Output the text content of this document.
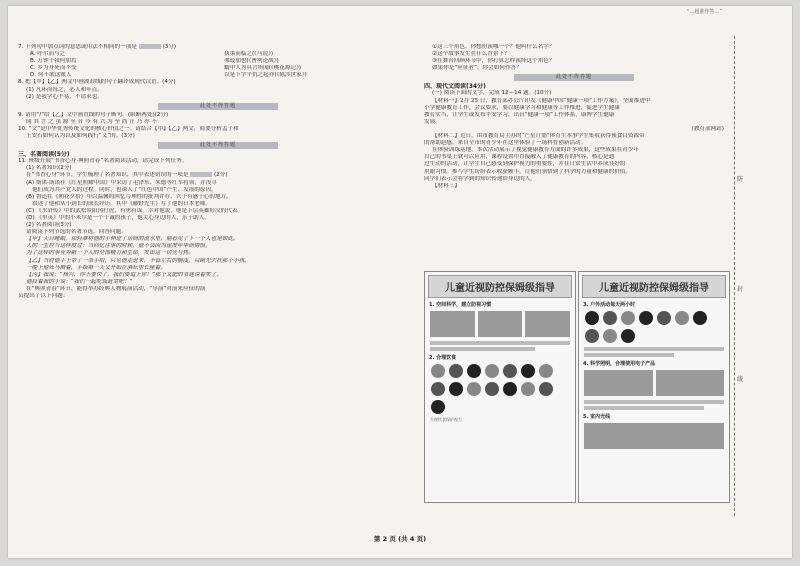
“…超准作答…”
7. 下列句中加点词的意思或用法不相同的一项是	(3分)
A. 呼尔而与之	执策而临之(《马说》)
B. 万钟于我何加焉	弗敁加也(《曹刿论战》)
C. 乡为身死而不受	蠕中人为具言所闻(《桃花源记》)
D. 何不欲这溛人	以是下字平仇之起亦(《陈涉世家》)
8. 把【甲】【乙】两文中画波浪线的句子翻译成现代汉语。(4分)
(1) 凡环而每之，必人和年点。
(2) 是我学心不易，不请求也。
此处不得答题
9. 请用“/”给【乙】文中画直线的句子断句。(限断两处)(2分)
闻 其 言 之 虽 源 至 昔 今 有 兴 为 至 尚 止 乃 亦 不
10. “文”是中华优秀传统文化的核心价值之一。请结合【甲】【乙】两文，简要分析孟子和
王安石如何认为以及如何践行“义”的。(3分)
此处不得答题
三、名著阅读(5分)
11. 班级开展“书香心身·典照青春”名著阅读活动，请完成下列任务。
(1) 名著知识(2分)
在“书香心身”环节，学生梳理了名著知识，其中表述错误的一项是	(2分)
(A) 斯诺·斯诺在《红星照耀中国》中采访了毛泽东、朱德等红军将领，并浅寻
他们成为共产党人的过程。同时，也深入了“红色中国”产生、发展的原因。
(B) 鲁迅在《朝花夕拾》中以温馨的回忆与理性的批判并存，兴于有感于心的地方，
叙述了他和从小到长的成长经历。其中《藤野先生》写了他的日本老师。
(C) 《水浒传》中的武松景阳冈打虎，有勇有谋。幸对他说，他是下层英雄好汉的代表。
(D) 《里英》中的小米尔是一个干诚的孩子，他关心身边的人，乐于助人。
(2) 名著阅读(3分)
请阅读下列节选的名著节选，回答问题。
【甲】天目睡眠，徐轻准将他的手伸进了话筒的流水里，他看见了下一个人也是如此。
人的一生应当这样度过：当回忆往事的时候，他不会因为虚度年华而悔恨。
为了这样的事业奔献一个人的全部精力和生命，发出这一切光与热。
【乙】当时他手上带了一条手绢，只见他走进来，不管左右的搁浅，只顾先去扶那个小孩。
一晚上他死马侧着，手指第一天又开始在酒坛里长座着。
【丙】我说：“杨兴，你不要快了，我们要追上你！”那个又肥的书谜说着笑了。
他拉着我的手说：“我们一起吃饭赶室吧！”
在“典照青春”环节，能得举办经典人物展演活动，“导演”对前来应征的演
员提出了以下问题：
①这三个角色，你想扮演哪一个？他叫什么名字？
②这个故事发生在什么背景下？
③在舞台回顾环节中，你打算怎样演绎这个角色？
如果你是“应征者”，你会如何作答？
此处不得答题
四、现代文阅读(34分)
(一) 阅读下面的文字，完成 12—14 题。(10分)
【材料一】2月 25 日，教育部办公厅印发《健康中国“健康一项”工作方案》，全面推进中
小学健康教育工作，会议要求，要以健康学习和健康等工作推进，促进学生健康
教育实当，让学生或发布平安学习，出台“健康一项”工作体系，康博学生健康
发展。
(教育部网站)
【材料二】近日，由市教育局主办的“芒星计划”体育生本事学生集収获得预食目资源带
的帮助赵感，来自全市的青少年在这里体验了一场科普创新活动。
在体验训练基地，本次活动展示了视觉健康教育方面的许多成果，这些成果在青少年
自己的书桌上就可以应用，课程设置中直接融入了健康教育的内容，核心是通
过生动的活动，让学生自己感受到保护视力的重要性，并在日常生活中养成良好的
用眼习惯。参与学生纷纷表示收获颇丰，让他们领悟到了科学的力量和健康的价值。
同学们表示会将学到的知识传递给身边的人。
【材料三】
儿童近视防控保姆级指导
1. 空间科学，建立防视习惯
2. 合理饮食
合理饮食保护视力
儿童近视防控保姆级指导
3. 户外活动每天两小时
4. 科学照明，合理使用电子产品
5. 室内光线
防
封
线
第 2 页 (共 4 页)
